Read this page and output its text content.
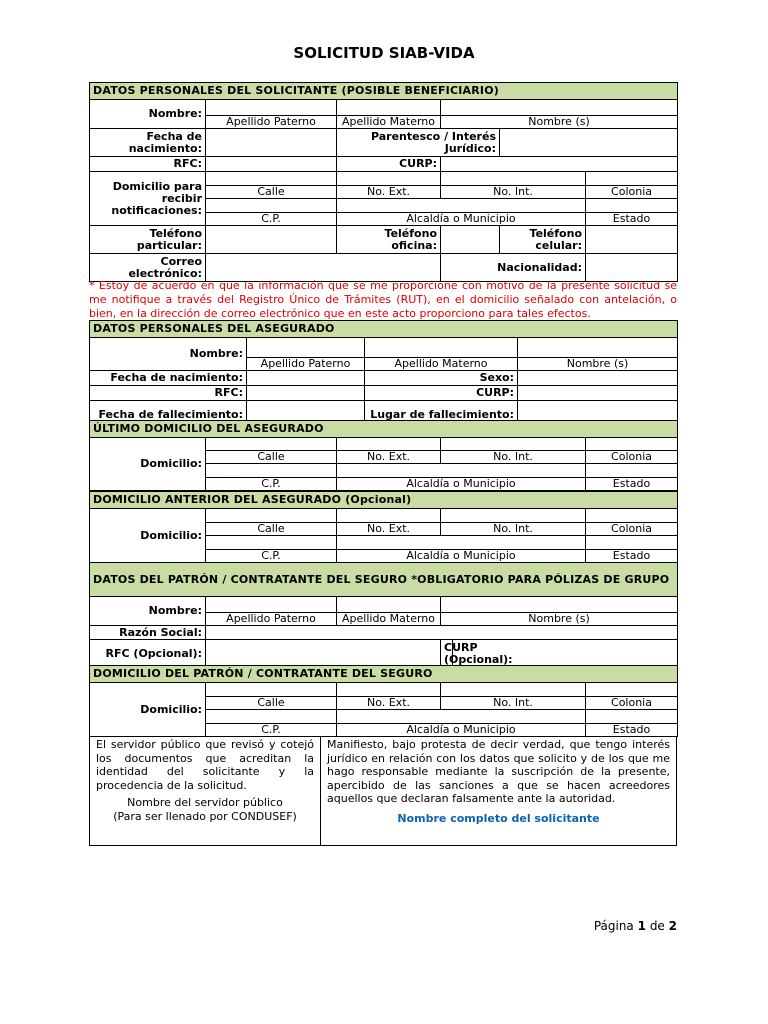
SOLICITUD SIAB-VIDA
DATOS PERSONALES DEL SOLICITANTE (POSIBLE BENEFICIARIO)					
Nombre:					
	Apellido Paterno	Apellido Materno	Nombre (s)		
Fecha de nacimiento:		Parentesco / Interés Jurídico:			
RFC:		CURP:			
Domicilio para recibir notificaciones:					
	Calle	No. Ext.	No. Int.		Colonia

	C.P.	Alcaldía o Municipio			Estado
Teléfono particular:		Teléfono oficina:		Teléfono celular:	
Correo electrónico:			Nacionalidad:		
* Estoy de acuerdo en que la información que se me proporcione con motivo de la presente solicitud se me notifique a través del Registro Único de Trámites (RUT), en el domicilio señalado con antelación, o bien, en la dirección de correo electrónico que en este acto proporciono para tales efectos.
DATOS PERSONALES DEL ASEGURADO			
Nombre:			
	Apellido Paterno	Apellido Materno	Nombre (s)
Fecha de nacimiento:		Sexo:	
RFC:		CURP:	
Fecha de fallecimiento:		Lugar de fallecimiento:	
ÚLTIMO DOMICILIO DEL ASEGURADO				
Domicilio:				
	Calle	No. Ext.	No. Int.	Colonia

	C.P.	Alcaldía o Municipio		Estado
DOMICILIO ANTERIOR DEL ASEGURADO (Opcional)				
Domicilio:				
	Calle	No. Ext.	No. Int.	Colonia

	C.P.	Alcaldía o Municipio		Estado
DATOS DEL PATRÓN / CONTRATANTE DEL SEGURO *OBLIGATORIO PARA PÓLIZAS DE GRUPO				
Nombre:				
	Apellido Paterno	Apellido Materno	Nombre (s)	
Razón Social:				
RFC (Opcional):			CURP (Opcional):	
DOMICILIO DEL PATRÓN / CONTRATANTE DEL SEGURO				
Domicilio:				
	Calle	No. Ext.	No. Int.	Colonia

	C.P.	Alcaldía o Municipio		Estado
El servidor público que revisó y cotejó los documentos que acreditan la identidad del solicitante y la procedencia de la solicitud.
Nombre del servidor público
(Para ser llenado por CONDUSEF)
Manifiesto, bajo protesta de decir verdad, que tengo interés jurídico en relación con los datos que solicito y de los que me hago responsable mediante la suscripción de la presente, apercibido de las sanciones a que se hacen acreedores aquellos que declaran falsamente ante la autoridad.
Nombre completo del solicitante
Página 1 de 2
